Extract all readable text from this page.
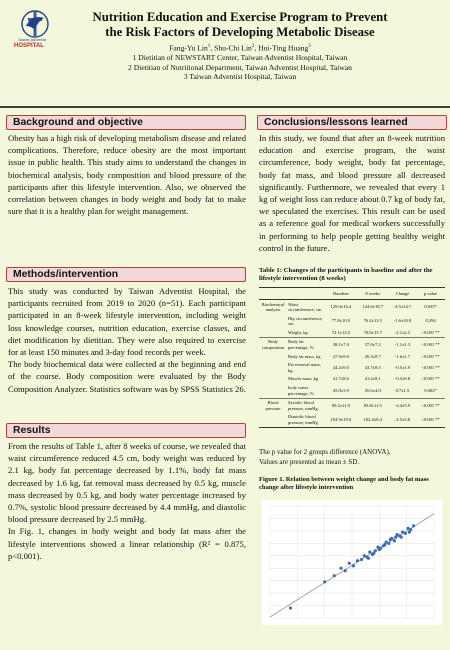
Taiwan Adventist
HOSPITAL
Nutrition Education and Exercise Program to Prevent
the Risk Factors of Developing Metabolic Disease
Fang-Yu Lin$^1$, Shu-Chi Lin$^2$, Hui-Ting Huang$^3$
1 Dietitian of NEWSTART Center, Taiwan Adventist Hospital, Taiwan
2 Dietitian of Nutritional Department, Taiwan Adventist Hospital, Taiwan
3 Taiwan Adventist Hospital, Taiwan
Background and objective
Obesity has a high risk of developing metabolism disease and related complications. Therefore, reduce obesity are the most important issue in public health. This study aims to understand the changes in biochemical analysis, body composition and blood pressure of the participants after this lifestyle intervention. Also, we observed the correlation between changes in body weight and body fat to make sure that it is a healthy plan for weight management.
Methods/intervention
This study was conducted by Taiwan Adventist Hospital, the participants recruited from 2019 to 2020 (n=51). Each participant participated in an 8-week lifestyle intervention, including weight loss knowledge courses, nutrition education, exercise classes, and diet modification by dietitian. They were also required to exercise for at least 150 minutes and 3-day food records per week.
The body biochemical data were collected at the beginning and end of the course. Body composition were evaluated by the Body Composition Analyzer. Statistics software was by SPSS Statistics 26.
Results
From the results of Table 1, after 8 weeks of course, we revealed that waist circumference reduced 4.5 cm, body weight was reduced by 2.1 kg, body fat percentage decreased by 1.1%, body fat mass decreased by 1.6 kg, fat removal mass decreased by 0.5 kg, muscle mass decreased by 0.5 kg, and body water percentage increased by 0.7%, systolic blood pressure decreased by 4.4 mmHg, and diastolic blood pressure decreased by 2.5 mmHg.
In Fig. 1, changes in body weight and body fat mass after the lifestyle interventions showed a linear relationship (R² = 0.875, p<0.001).
Conclusions/lessons learned
In this study, we found that after an 8-week nutrition education and exercise program, the waist circumference, body weight, body fat percentage, body fat mass, and blood pressure all decreased significantly. Furthermore, we revealed that every 1 kg of weight loss can reduce about 0.7 kg of body fat, we speculated the exercises. This result can be used as a reference goal for medical workers successfully in performing to help people getting healthy weight control in the future.
Table 1: Changes of the participants in baseline and after the lifestyle intervention (8 weeks)
		Baseline	8 weeks	Change	p value
Biochemical analysis	Waist circumference, cm	129.0±16.4	124.6±18.7	-4.5±14.7	0.035*
	Hip circumference, cm	77.8±10.9	76.2±13.5	-1.6±10.8	0.294
	Weight, kg	72.1±14.5	70.0±13.7	-2.1±2.3	<0.001 **
Body composition	Body fat percentage, %	38.1±7.0	37.0±7.2	-1.1±1.3	<0.001 **
	Body fat mass, kg	27.9±9.0	26.3±8.7	-1.6±1.7	<0.001 **
	Fat removal mass, kg	44.2±9.0	43.7±8.5	-0.5±1.9	<0.001 **
	Muscle mass, kg	41.7±8.6	41.2±8.1	-0.5±0.8	<0.001 **
	body water percentage, %	45.0±3.9	45.6±4.0	0.7±1.5	0.002*
Blood pressure	Systolic blood pressure, mmHg	90.2±11.0	85.8±11.5	-4.4±5.9	<0.001 **
	Diastolic blood pressure, mmHg	104.9±19.0	102.4±8.4	-2.5±3.8	<0.001 **
The p value for 2 groups difference (ANOVA).
Values are presented as mean ± SD.
Figure 1. Relation between weight change and body fat mass change after lifestyle intervention
